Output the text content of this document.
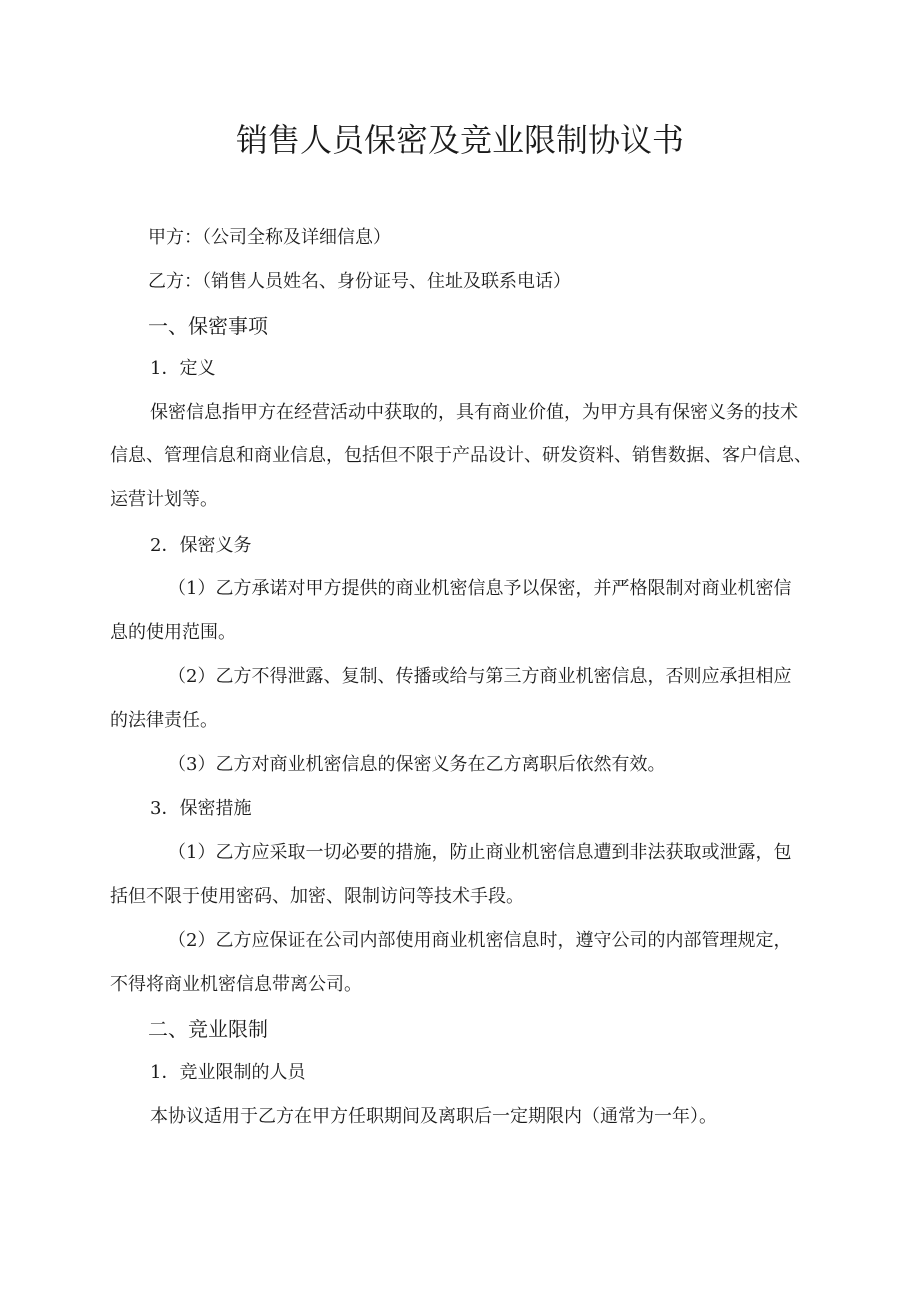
销售人员保密及竞业限制协议书

甲方：（公司全称及详细信息）

乙方：（销售人员姓名、身份证号、住址及联系电话）

一、保密事项

1．定义

保密信息指甲方在经营活动中获取的，具有商业价值，为甲方具有保密义务的技术

信息、管理信息和商业信息，包括但不限于产品设计、研发资料、销售数据、客户信息、

运营计划等。

2．保密义务

（1）乙方承诺对甲方提供的商业机密信息予以保密，并严格限制对商业机密信

息的使用范围。

（2）乙方不得泄露、复制、传播或给与第三方商业机密信息，否则应承担相应

的法律责任。

（3）乙方对商业机密信息的保密义务在乙方离职后依然有效。

3．保密措施

（1）乙方应采取一切必要的措施，防止商业机密信息遭到非法获取或泄露，包

括但不限于使用密码、加密、限制访问等技术手段。

（2）乙方应保证在公司内部使用商业机密信息时，遵守公司的内部管理规定，

不得将商业机密信息带离公司。

二、竞业限制

1．竞业限制的人员

本协议适用于乙方在甲方任职期间及离职后一定期限内（通常为一年）。
